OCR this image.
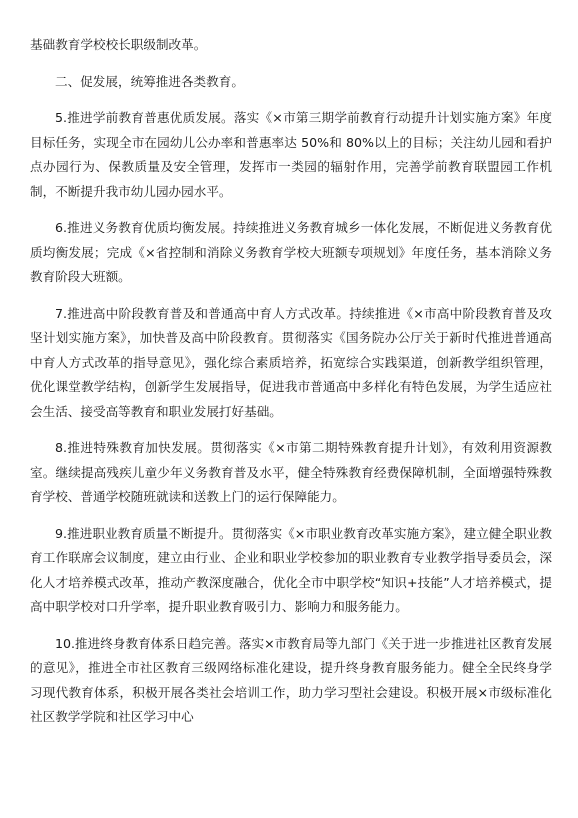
基础教育学校校长职级制改革。

二、促发展，统筹推进各类教育。

5.推进学前教育普惠优质发展。落实《×市第三期学前教育行动提升计划实施方案》年度目标任务，实现全市在园幼儿公办率和普惠率达 50%和 80%以上的目标；关注幼儿园和看护点办园行为、保教质量及安全管理，发挥市一类园的辐射作用，完善学前教育联盟园工作机制，不断提升我市幼儿园办园水平。

6.推进义务教育优质均衡发展。持续推进义务教育城乡一体化发展，不断促进义务教育优质均衡发展；完成《×省控制和消除义务教育学校大班额专项规划》年度任务，基本消除义务教育阶段大班额。

7.推进高中阶段教育普及和普通高中育人方式改革。持续推进《×市高中阶段教育普及攻坚计划实施方案》，加快普及高中阶段教育。贯彻落实《国务院办公厅关于新时代推进普通高中育人方式改革的指导意见》，强化综合素质培养，拓宽综合实践渠道，创新教学组织管理，优化课堂教学结构，创新学生发展指导，促进我市普通高中多样化有特色发展，为学生适应社会生活、接受高等教育和职业发展打好基础。

8.推进特殊教育加快发展。贯彻落实《×市第二期特殊教育提升计划》，有效利用资源教室。继续提高残疾儿童少年义务教育普及水平，健全特殊教育经费保障机制，全面增强特殊教育学校、普通学校随班就读和送教上门的运行保障能力。

9.推进职业教育质量不断提升。贯彻落实《×市职业教育改革实施方案》，建立健全职业教育工作联席会议制度，建立由行业、企业和职业学校参加的职业教育专业教学指导委员会，深化人才培养模式改革，推动产教深度融合，优化全市中职学校“知识+技能”人才培养模式，提高中职学校对口升学率，提升职业教育吸引力、影响力和服务能力。

10.推进终身教育体系日趋完善。落实×市教育局等九部门《关于进一步推进社区教育发展的意见》，推进全市社区教育三级网络标准化建设，提升终身教育服务能力。健全全民终身学习现代教育体系，积极开展各类社会培训工作，助力学习型社会建设。积极开展×市级标准化社区教学学院和社区学习中心
